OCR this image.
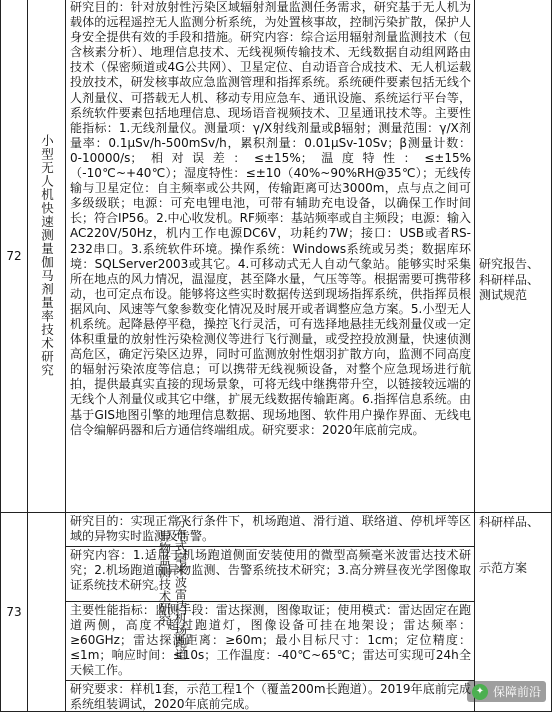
72	小型无人机快速测量伽马剂量率技术研究
研究目的：针对放射性污染区域辐射剂量监测任务需求，研究基于无人机为载体的远程遥控无人监测分析系统，为处置核事故，控制污染扩散，保护人身安全提供有效的手段和措施。研究内容：综合运用辐射剂量监测技术（包含核素分析）、地理信息技术、无线视频传输技术、无线数据自动组网路由技术（保密频道或4G公共网）、卫星定位、自动语音合成技术、无人机运载投放技术，研发核事故应急监测管理和指挥系统。系统硬件要素包括无线个人剂量仪、可搭载无人机、移动专用应急车、通讯设施、系统运行平台等，系统软件要素包括地理信息、现场语音视频技术、卫星通讯技术等。主要性能指标：1.无线剂量仪。测量项：γ/X射线剂量或β辐射；测量范围：γ/X剂量率：0.1μSv/h-500mSv/h，累积剂量：0.01μSv-10Sv；β测量计数：0-10000/s；相对误差：≤±15%；温度特性：≤±15%（-10℃~+40℃）；湿度特性：≤±10（40%~90%RH@35℃）；无线传输与卫星定位：自主频率或公共网，传输距离可达3000m，点与点之间可多级级联；电源：可充电锂电池，可带有辅助充电设备，以确保工作时间长；符合IP56。2.中心收发机。RF频率：基站频率或自主频段；电源：输入AC220V/50Hz，机内工作电源DC6V，功耗约7W；接口：USB或者RS-232串口。3.系统软件环境。操作系统：Windows系统或另类；数据库环境：SQLServer2003或其它。4.可移动式无人自动气象站。能够实时采集所在地点的风力情况，温湿度，甚至降水量，气压等等。根据需要可携带移动，也可定点布设。能够将这些实时数据传送到现场指挥系统，供指挥员根据风向、风速等气象参数变化情况及时展开或者调整应急方案。5.小型无人机系统。起降悬停平稳，操控飞行灵活，可有选择地悬挂无线剂量仪或一定体积重量的放射性污染检测仪等进行飞行测量，或受控投放测量，快速侦测高危区，确定污染区边界，同时可监测放射性烟羽扩散方向，监测不同高度的辐射污染浓度等信息；可以携带无线视频设备，对整个应急现场进行航拍，提供最真实直接的现场景象，可将无线中继携带升空，以链接较远端的无线个人剂量仪或其它中继，扩展无线数据传输距离。6.指挥信息系统。由基于GIS地图引擎的地理信息数据、现场地图、软件用户操作界面、无线电信令编解码器和后方通信终端组成。研究要求：2020年底前完成。
研究报告、科研样品、测试规范
73	分布式毫米波雷达机场跑道
异物监测技术研究
研究目的：实现正常飞行条件下，机场跑道、滑行道、联络道、停机坪等区域的异物实时监测及告警。
研究内容：1.适用于机场跑道侧面安装使用的微型高频毫米波雷达技术研究；2.机场跑道面异物监测、告警系统技术研究；3.高分辨昼夜光学图像取证系统技术研究。
主要性能指标：监测手段：雷达探测，图像取证；使用模式：雷达固定在跑道两侧，高度不超过跑道灯，图像设备可挂在地架设；雷达频率：≥60GHz；雷达探测距离：≥60m；最小目标尺寸：1cm；定位精度：≤1m；响应时间：≤10s；工作温度：-40℃~65℃；雷达可实现可24h全天候工作。
研究要求：样机1套，示范工程1个（覆盖200m长跑道）。2019年底前完成系统组装调试，2020年底前完成。
科研样品、
示范方案
✦ 保障前沿
